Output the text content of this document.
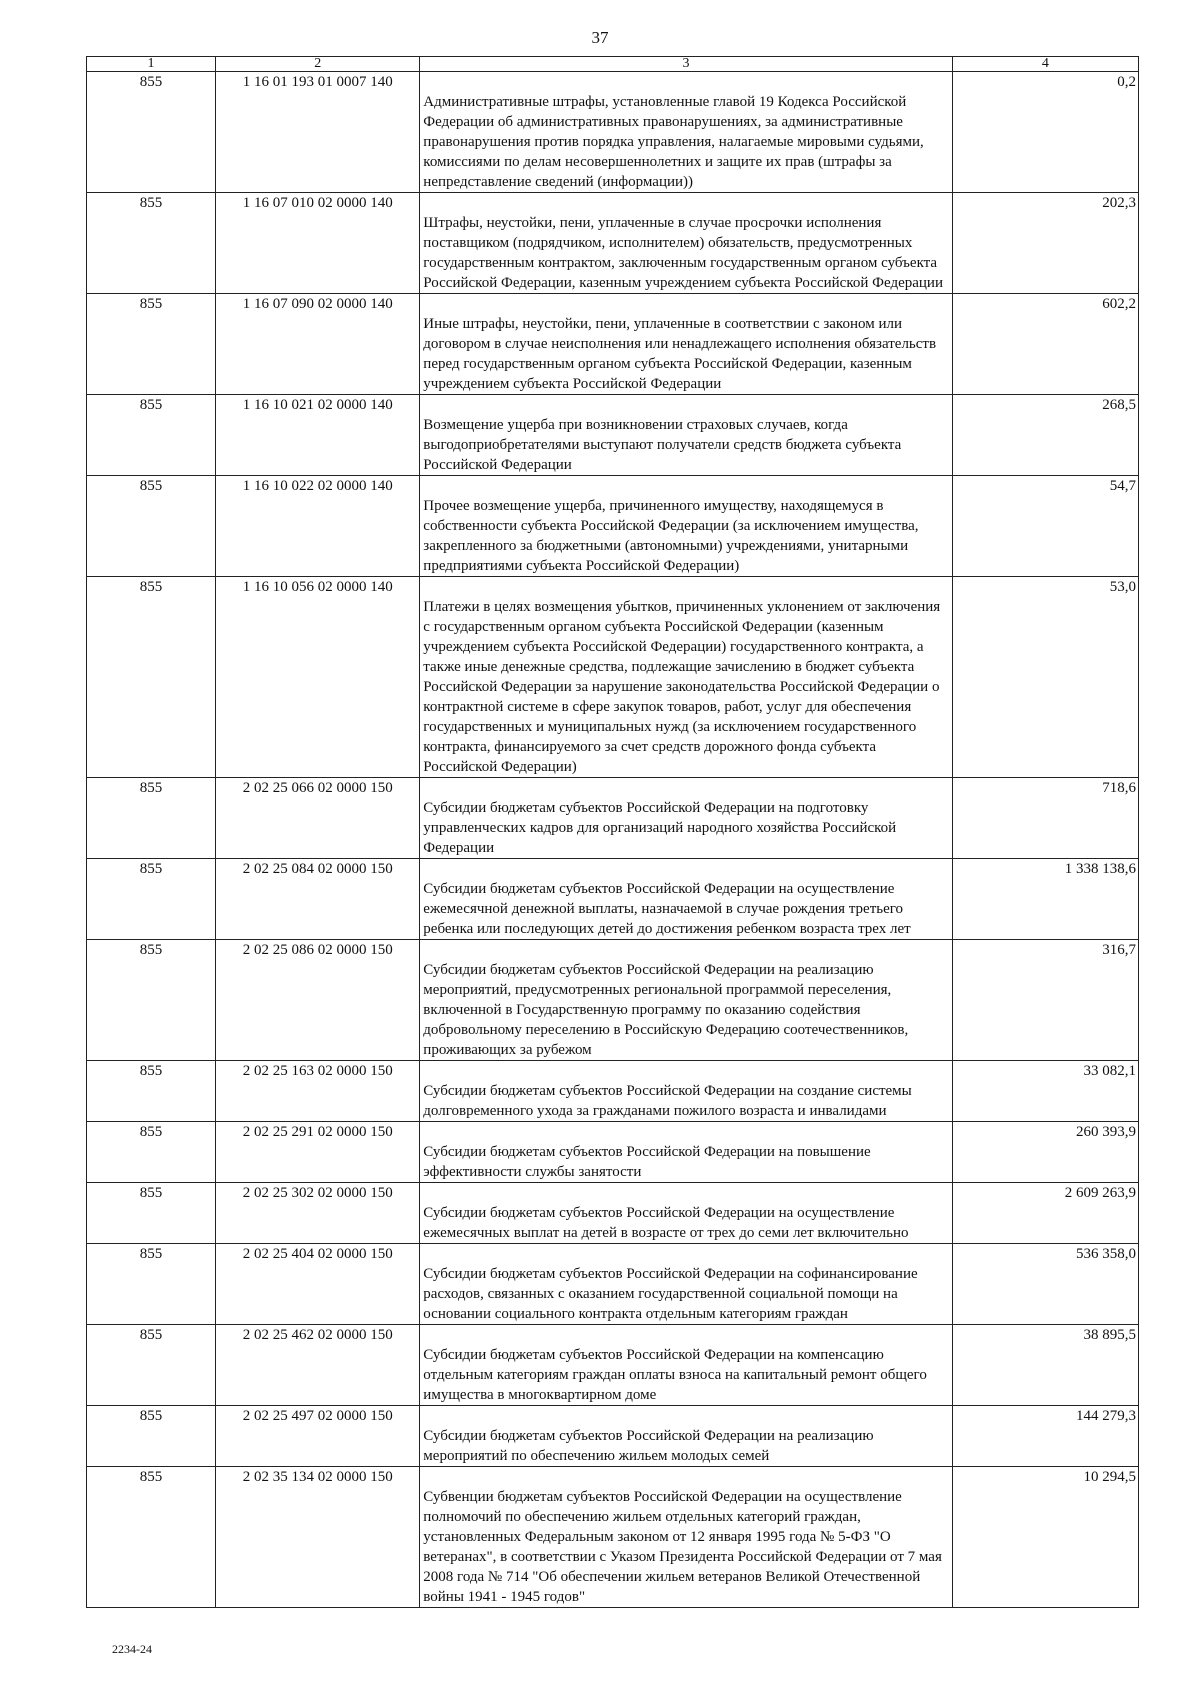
37
1	2	3	4
855	1 16 01 193 01 0007 140	Административные штрафы, установленные главой 19 Кодекса Российской Федерации об административных правонарушениях, за административные правонарушения против порядка управления, налагаемые мировыми судьями, комиссиями по делам несовершеннолетних и защите их прав (штрафы за непредставление сведений (информации))	0,2
855	1 16 07 010 02 0000 140	Штрафы, неустойки, пени, уплаченные в случае просрочки исполнения поставщиком (подрядчиком, исполнителем) обязательств, предусмотренных государственным контрактом, заключенным государственным органом субъекта Российской Федерации, казенным учреждением субъекта Российской Федерации	202,3
855	1 16 07 090 02 0000 140	Иные штрафы, неустойки, пени, уплаченные в соответствии с законом или договором в случае неисполнения или ненадлежащего исполнения обязательств перед государственным органом субъекта Российской Федерации, казенным учреждением субъекта Российской Федерации	602,2
855	1 16 10 021 02 0000 140	Возмещение ущерба при возникновении страховых случаев, когда выгодоприобретателями выступают получатели средств бюджета субъекта Российской Федерации	268,5
855	1 16 10 022 02 0000 140	Прочее возмещение ущерба, причиненного имуществу, находящемуся в собственности субъекта Российской Федерации (за исключением имущества, закрепленного за бюджетными (автономными) учреждениями, унитарными предприятиями субъекта Российской Федерации)	54,7
855	1 16 10 056 02 0000 140	Платежи в целях возмещения убытков, причиненных уклонением от заключения с государственным органом субъекта Российской Федерации (казенным учреждением субъекта Российской Федерации) государственного контракта, а также иные денежные средства, подлежащие зачислению в бюджет субъекта Российской Федерации за нарушение законодательства Российской Федерации о контрактной системе в сфере закупок товаров, работ, услуг для обеспечения государственных и муниципальных нужд (за исключением государственного контракта, финансируемого за счет средств дорожного фонда субъекта Российской Федерации)	53,0
855	2 02 25 066 02 0000 150	Субсидии бюджетам субъектов Российской Федерации на подготовку управленческих кадров для организаций народного хозяйства Российской Федерации	718,6
855	2 02 25 084 02 0000 150	Субсидии бюджетам субъектов Российской Федерации на осуществление ежемесячной денежной выплаты, назначаемой в случае рождения третьего ребенка или последующих детей до достижения ребенком возраста трех лет	1 338 138,6
855	2 02 25 086 02 0000 150	Субсидии бюджетам субъектов Российской Федерации на реализацию мероприятий, предусмотренных региональной программой переселения, включенной в Государственную программу по оказанию содействия добровольному переселению в Российскую Федерацию соотечественников, проживающих за рубежом	316,7
855	2 02 25 163 02 0000 150	Субсидии бюджетам субъектов Российской Федерации на создание системы долговременного ухода за гражданами пожилого возраста и инвалидами	33 082,1
855	2 02 25 291 02 0000 150	Субсидии бюджетам субъектов Российской Федерации на повышение эффективности службы занятости	260 393,9
855	2 02 25 302 02 0000 150	Субсидии бюджетам субъектов Российской Федерации на осуществление ежемесячных выплат на детей в возрасте от трех до семи лет включительно	2 609 263,9
855	2 02 25 404 02 0000 150	Субсидии бюджетам субъектов Российской Федерации на софинансирование расходов, связанных с оказанием государственной социальной помощи на основании социального контракта отдельным категориям граждан	536 358,0
855	2 02 25 462 02 0000 150	Субсидии бюджетам субъектов Российской Федерации на компенсацию отдельным категориям граждан оплаты взноса на капитальный ремонт общего имущества в многоквартирном доме	38 895,5
855	2 02 25 497 02 0000 150	Субсидии бюджетам субъектов Российской Федерации на реализацию мероприятий по обеспечению жильем молодых семей	144 279,3
855	2 02 35 134 02 0000 150	Субвенции бюджетам субъектов Российской Федерации на осуществление полномочий по обеспечению жильем отдельных категорий граждан, установленных Федеральным законом от 12 января 1995 года № 5-ФЗ "О ветеранах", в соответствии с Указом Президента Российской Федерации от 7 мая 2008 года № 714 "Об обеспечении жильем ветеранов Великой Отечественной войны 1941 - 1945 годов"	10 294,5
2234-24
